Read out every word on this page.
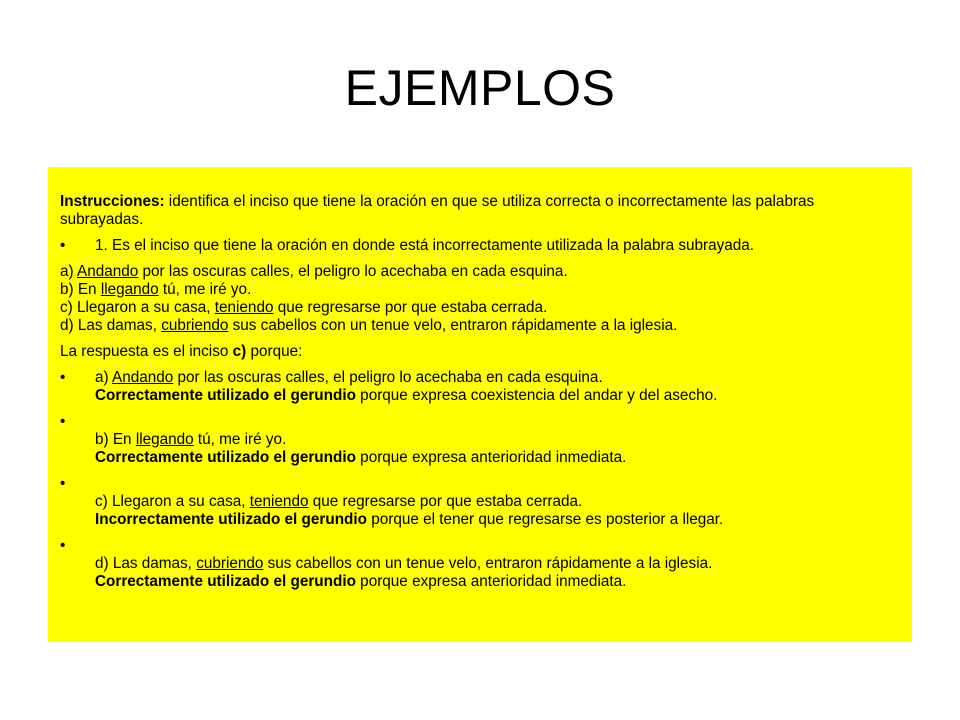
EJEMPLOS

Instrucciones: identifica el inciso que tiene la oración en que se utiliza correcta o incorrectamente las palabras subrayadas.

•	1. Es el inciso que tiene la oración en donde está incorrectamente utilizada la palabra subrayada.
a) Andando por las oscuras calles, el peligro lo acechaba en cada esquina.
b) En llegando tú, me iré yo.
c) Llegaron a su casa, teniendo que regresarse por que estaba cerrada.
d) Las damas, cubriendo sus cabellos con un tenue velo, entraron rápidamente a la iglesia.

La respuesta es el inciso c) porque:

•	a) Andando por las oscuras calles, el peligro lo acechaba en cada esquina.
Correctamente utilizado el gerundio porque expresa coexistencia del andar y del asecho.
•
b) En llegando tú, me iré yo.
Correctamente utilizado el gerundio porque expresa anterioridad inmediata.
•
c) Llegaron a su casa, teniendo que regresarse por que estaba cerrada.
Incorrectamente utilizado el gerundio porque el tener que regresarse es posterior a llegar.
•
d) Las damas, cubriendo sus cabellos con un tenue velo, entraron rápidamente a la iglesia.
Correctamente utilizado el gerundio porque expresa anterioridad inmediata.
